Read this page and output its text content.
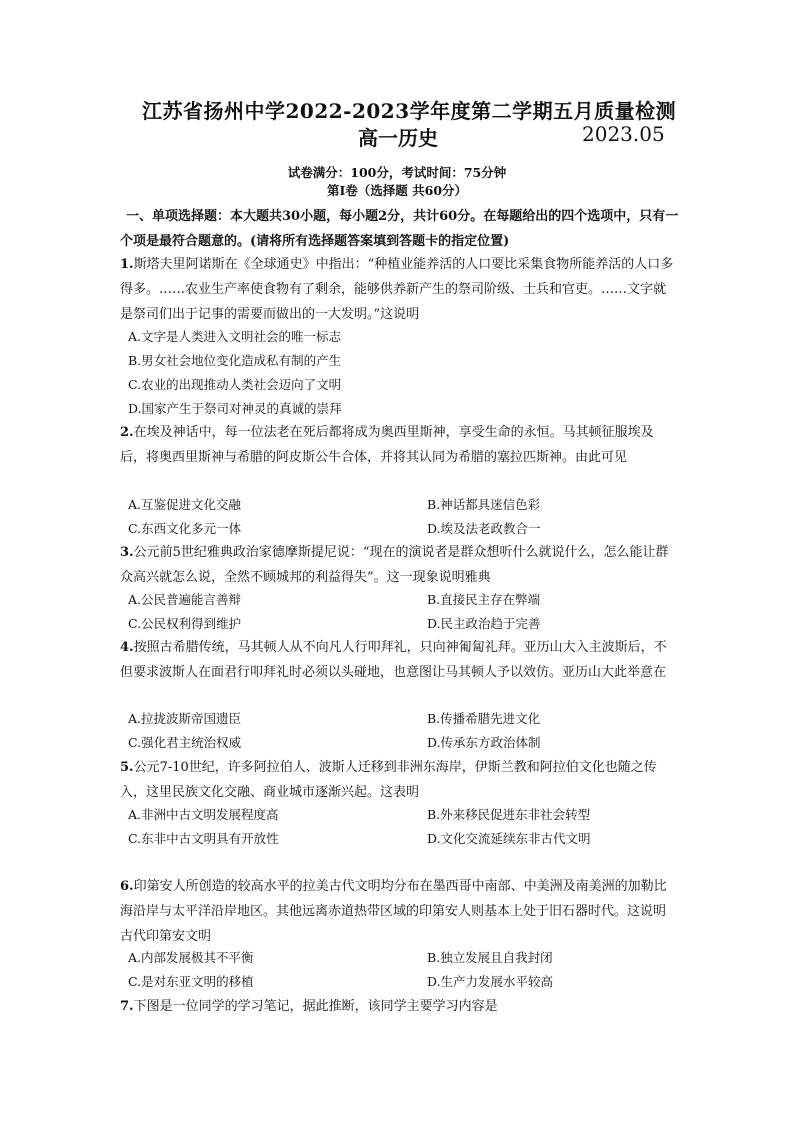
江苏省扬州中学2022-2023学年度第二学期五月质量检测
高一历史	2023.05
试卷满分：100分，考试时间：75分钟
第Ⅰ卷（选择题 共60分）
一、单项选择题：本大题共30小题，每小题2分，共计60分。在每题给出的四个选项中，只有一个项是最符合题意的。(请将所有选择题答案填到答题卡的指定位置)
1.斯塔夫里阿诺斯在《全球通史》中指出：“种植业能养活的人口要比采集食物所能养活的人口多得多。……农业生产率使食物有了剩余，能够供养新产生的祭司阶级、士兵和官吏。……文字就是祭司们出于记事的需要而做出的一大发明。”这说明
A.文字是人类进入文明社会的唯一标志
B.男女社会地位变化造成私有制的产生
C.农业的出现推动人类社会迈向了文明
D.国家产生于祭司对神灵的真诚的崇拜
2.在埃及神话中，每一位法老在死后都将成为奥西里斯神，享受生命的永恒。马其顿征服埃及后，将奥西里斯神与希腊的阿皮斯公牛合体，并将其认同为希腊的塞拉匹斯神。由此可见
A.互鉴促进文化交融	B.神话都具迷信色彩
C.东西文化多元一体	D.埃及法老政教合一
3.公元前5世纪雅典政治家德摩斯提尼说：“现在的演说者是群众想听什么就说什么，怎么能让群众高兴就怎么说，全然不顾城邦的利益得失”。这一现象说明雅典
A.公民普遍能言善辩	B.直接民主存在弊端
C.公民权利得到维护	D.民主政治趋于完善
4.按照古希腊传统，马其顿人从不向凡人行叩拜礼，只向神匍匐礼拜。亚历山大入主波斯后，不但要求波斯人在面君行叩拜礼时必须以头碰地，也意图让马其顿人予以效仿。亚历山大此举意在
A.拉拢波斯帝国遗臣	B.传播希腊先进文化
C.强化君主统治权威	D.传承东方政治体制
5.公元7-10世纪，许多阿拉伯人、波斯人迁移到非洲东海岸，伊斯兰教和阿拉伯文化也随之传入，这里民族文化交融、商业城市逐渐兴起。这表明
A.非洲中古文明发展程度高	B.外来移民促进东非社会转型
C.东非中古文明具有开放性	D.文化交流延续东非古代文明
6.印第安人所创造的较高水平的拉美古代文明均分布在墨西哥中南部、中美洲及南美洲的加勒比海沿岸与太平洋沿岸地区。其他远离赤道热带区域的印第安人则基本上处于旧石器时代。这说明古代印第安文明
A.内部发展极其不平衡	B.独立发展且自我封闭
C.是对东亚文明的移植	D.生产力发展水平较高
7.下图是一位同学的学习笔记，据此推断，该同学主要学习内容是
